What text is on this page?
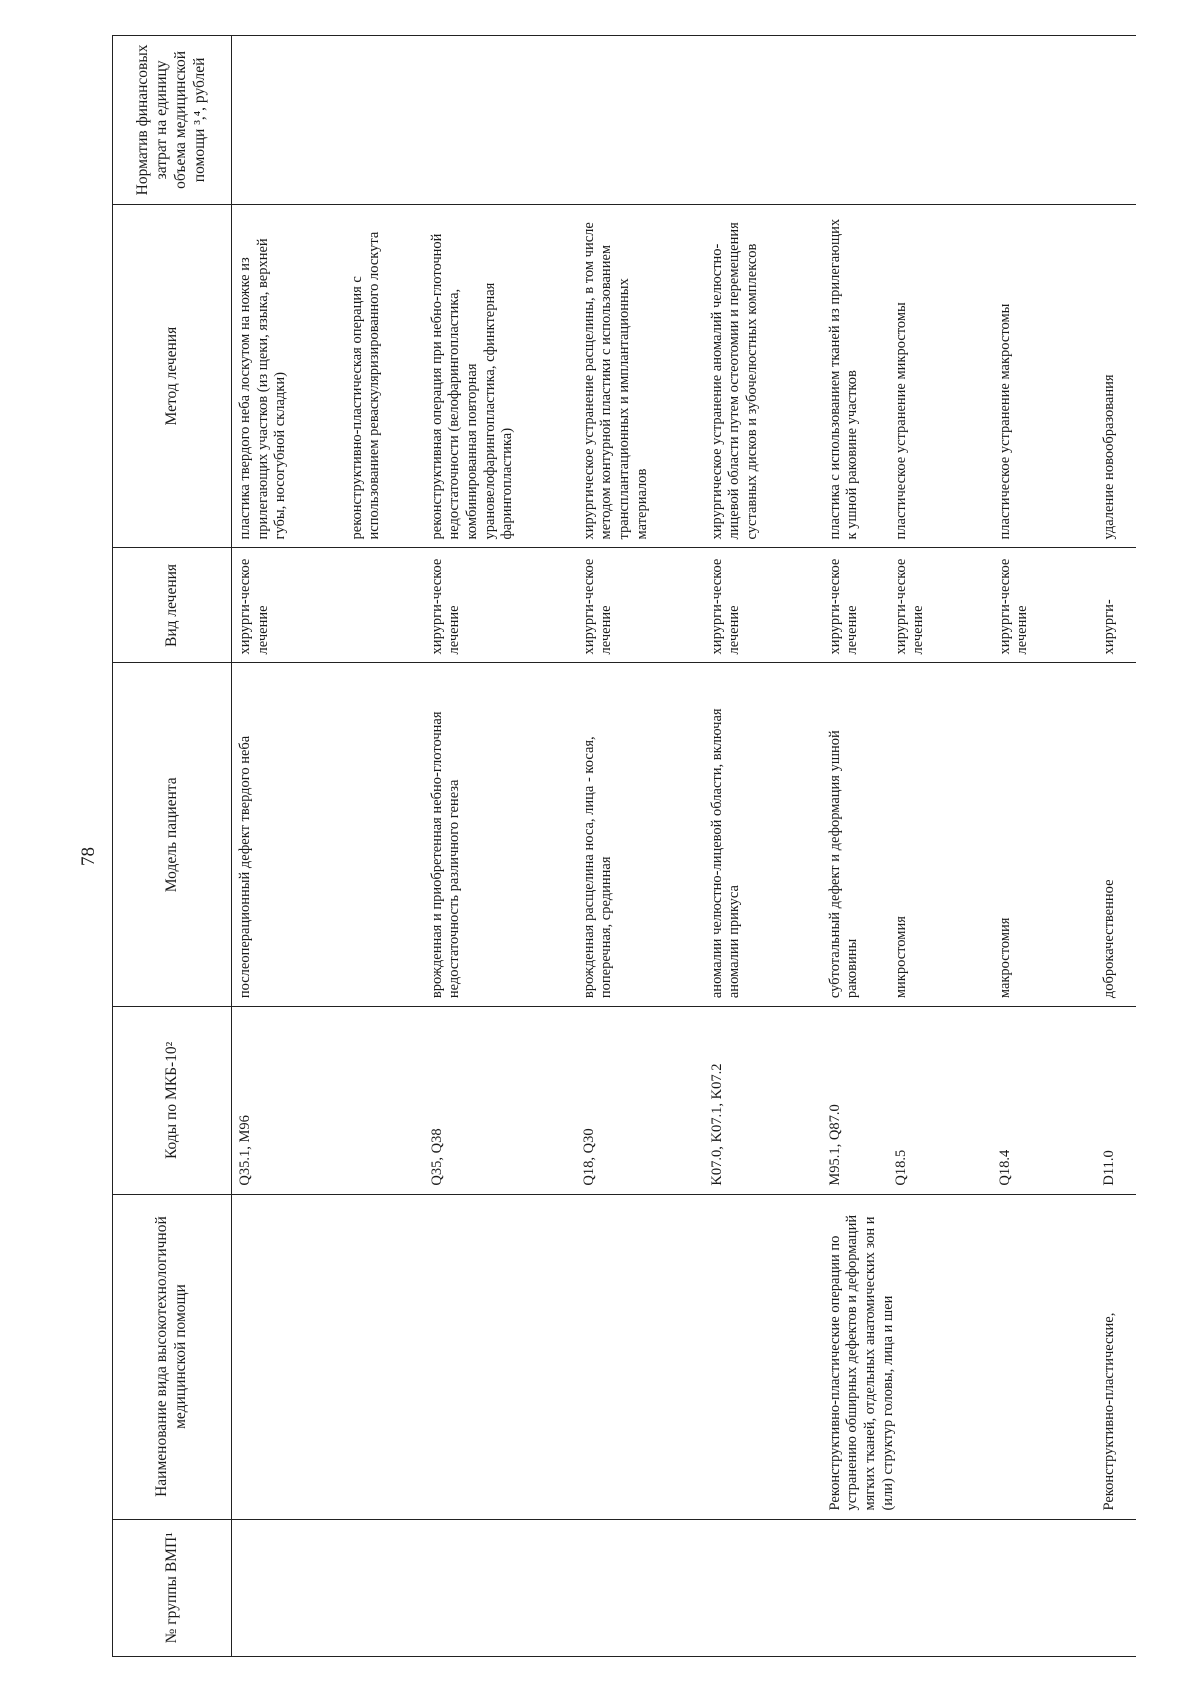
78
№ группы ВМП¹	Наименование вида высокотехнологичной медицинской помощи	Коды по МКБ-10²	Модель пациента	Вид лечения	Метод лечения	Норматив финансовых затрат на единицу объема медицинской помощи ³,⁴, рублей
		Q35.1, M96	послеоперационный дефект твердого неба	хирурги-ческое лечение	пластика твердого неба лоскутом на ножке из прилегающих участков (из щеки, языка, верхней губы, носогубной складки)	
					реконструктивно-пластическая операция с использованием реваскуляризированного лоскута	
		Q35, Q38	врожденная и приобретенная небно-глоточная недостаточность различного генеза	хирурги-ческое лечение	реконструктивная операция при небно-глоточной недостаточности (велофарингопластика, комбинированная повторная урановелофарингопластика, сфинктерная фарингопластика)	
		Q18, Q30	врожденная расщелина носа, лица - косая, поперечная, срединная	хирурги-ческое лечение	хирургическое устранение расщелины, в том числе методом контурной пластики с использованием трансплантационных и имплантационных материалов	
		K07.0, K07.1, K07.2	аномалии челюстно-лицевой области, включая аномалии прикуса	хирурги-ческое лечение	хирургическое устранение аномалий челюстно-лицевой области путем остеотомии и перемещения суставных дисков и зубочелюстных комплексов	
	Реконструктивно-пластические операции по устранению обширных дефектов и деформаций мягких тканей, отдельных анатомических зон и (или) структур головы, лица и шеи	M95.1, Q87.0	субтотальный дефект и деформация ушной раковины	хирурги-ческое лечение	пластика с использованием тканей из прилегающих к ушной раковине участков	
		Q18.5	микростомия	хирурги-ческое лечение	пластическое устранение микростомы	
		Q18.4	макростомия	хирурги-ческое лечение	пластическое устранение макростомы	
	Реконструктивно-пластические,	D11.0	доброкачественное	хирурги-	удаление новообразования	
